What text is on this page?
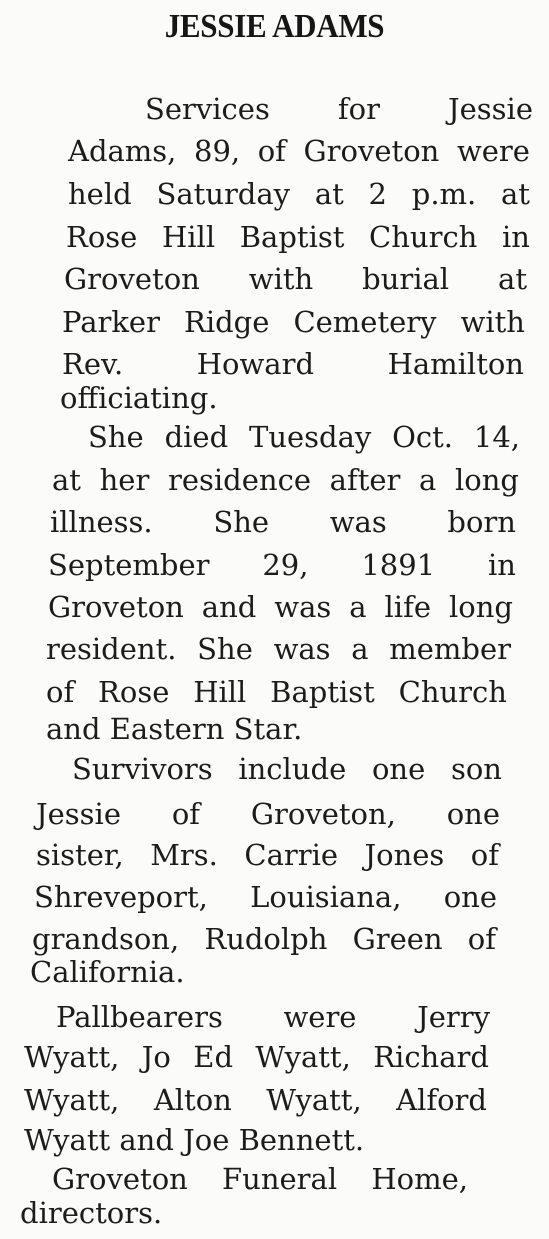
JESSIE ADAMS
Services for Jessie
Adams, 89, of Groveton were
held Saturday at 2 p.m. at
Rose Hill Baptist Church in
Groveton with burial at
Parker Ridge Cemetery with
Rev.	Howard	Hamilton
officiating.
She died Tuesday Oct. 14,
at her residence after a long
illness. She was born
September 29, 1891 in
Groveton and was a life long
resident. She was a member
of Rose Hill Baptist Church
and Eastern Star.
Survivors include one son
Jessie of Groveton, one
sister, Mrs. Carrie Jones of
Shreveport, Louisiana, one
grandson, Rudolph Green of
California.
Pallbearers were Jerry
Wyatt, Jo Ed Wyatt, Richard
Wyatt, Alton Wyatt, Alford
Wyatt and Joe Bennett.
Groveton Funeral Home,
directors.
